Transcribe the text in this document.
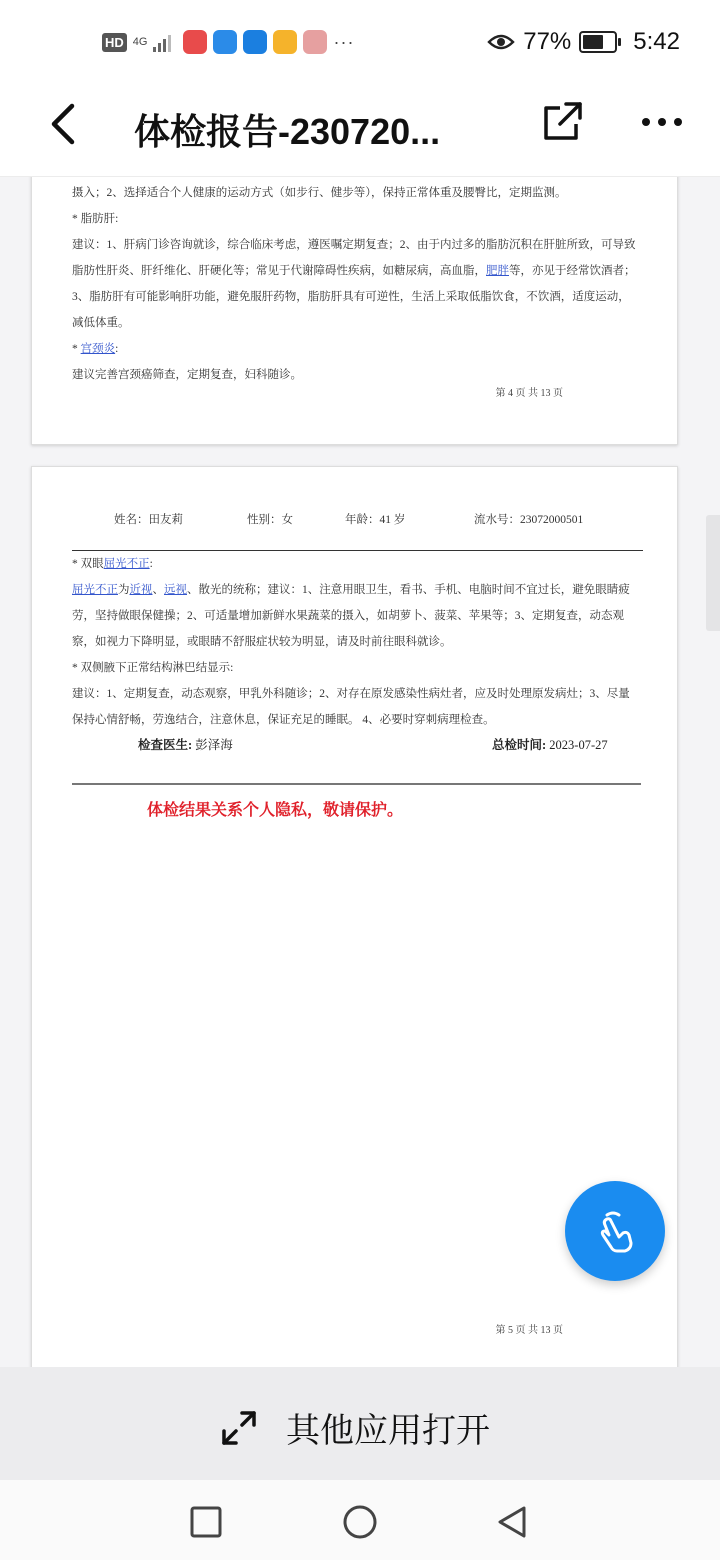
HD 4G	···	77%	5:42
体检报告-230720...
摄入；2、选择适合个人健康的运动方式（如步行、健步等），保持正常体重及腰臀比，定期监测。
* 脂肪肝:
建议：1、肝病门诊咨询就诊，综合临床考虑，遵医嘱定期复查；2、由于内过多的脂肪沉积在肝脏所致，可导致脂肪性肝炎、肝纤维化、肝硬化等；常见于代谢障碍性疾病，如糖尿病，高血脂，肥胖等，亦见于经常饮酒者；3、脂肪肝有可能影响肝功能，避免服肝药物，脂肪肝具有可逆性，生活上采取低脂饮食，不饮酒，适度运动，减低体重。
* 宫颈炎:
建议完善宫颈癌筛查，定期复查，妇科随诊。
第 4 页 共 13 页
姓名：田友莉	性别：女	年龄：41 岁	流水号：23072000501
* 双眼屈光不正:
屈光不正为近视、远视、散光的统称；建议：1、注意用眼卫生，看书、手机、电脑时间不宜过长，避免眼睛疲劳，坚持做眼保健操；2、可适量增加新鲜水果蔬菜的摄入，如胡萝卜、菠菜、苹果等；3、定期复查，动态观察，如视力下降明显，或眼睛不舒服症状较为明显，请及时前往眼科就诊。
* 双侧腋下正常结构淋巴结显示:
建议：1、定期复查，动态观察，甲乳外科随诊；2、对存在原发感染性病灶者，应及时处理原发病灶；3、尽量保持心情舒畅，劳逸结合，注意休息，保证充足的睡眠。 4、必要时穿刺病理检查。
检查医生: 彭泽海	总检时间: 2023-07-27
体检结果关系个人隐私，敬请保护。
第 5 页 共 13 页
其他应用打开
